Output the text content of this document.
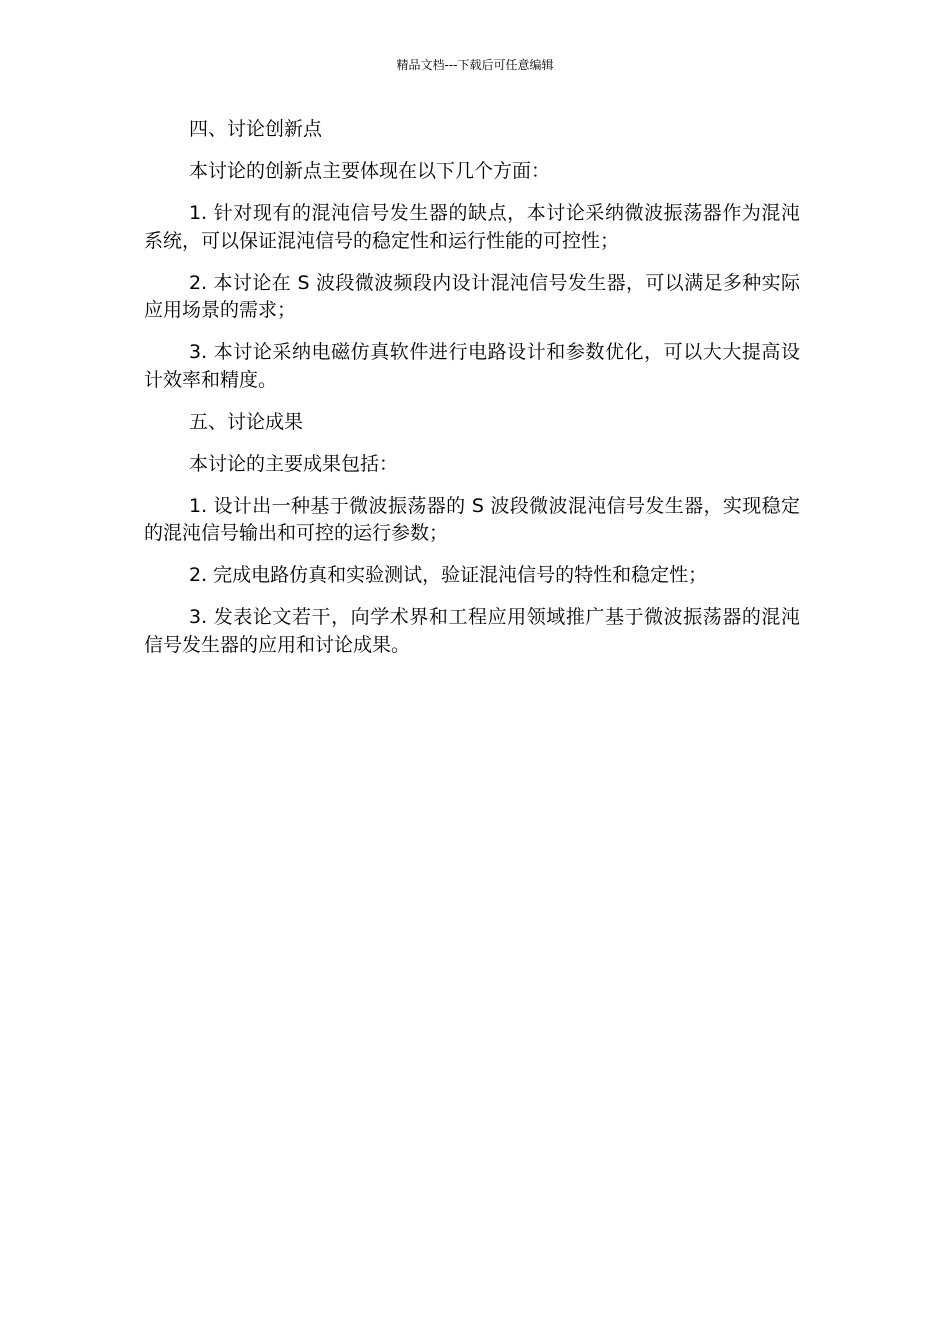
精品文档---下载后可任意编辑

四、讨论创新点

本讨论的创新点主要体现在以下几个方面：

1. 针对现有的混沌信号发生器的缺点，本讨论采纳微波振荡器作为混沌系统，可以保证混沌信号的稳定性和运行性能的可控性；

2. 本讨论在 S 波段微波频段内设计混沌信号发生器，可以满足多种实际应用场景的需求；

3. 本讨论采纳电磁仿真软件进行电路设计和参数优化，可以大大提高设计效率和精度。

五、讨论成果

本讨论的主要成果包括：

1. 设计出一种基于微波振荡器的 S 波段微波混沌信号发生器，实现稳定的混沌信号输出和可控的运行参数；

2. 完成电路仿真和实验测试，验证混沌信号的特性和稳定性；

3. 发表论文若干，向学术界和工程应用领域推广基于微波振荡器的混沌信号发生器的应用和讨论成果。
